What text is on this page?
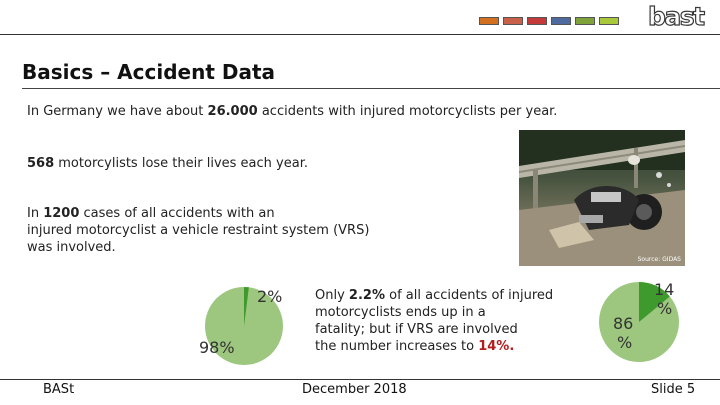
bast
Basics – Accident Data
In Germany we have about 26.000 accidents with injured motorcyclists per year.
568 motorcylists lose their lives each year.
In 1200 cases of all accidents with an
injured motorcyclist a vehicle restraint system (VRS)
was involved.
Source: GIDAS
2%
98%
Only 2.2% of all accidents of injured
motorcyclists ends up in a
fatality; but if VRS are involved
the number increases to 14%.
14
%
86
%
BASt	December 2018	Slide 5
